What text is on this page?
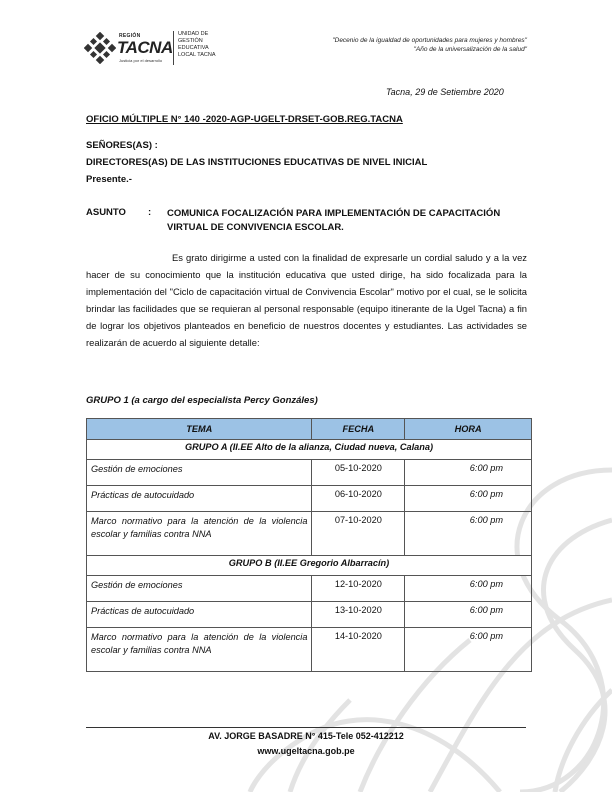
REGIÓN
TACNA
Justicia por el desarrollo
UNIDAD DE
GESTIÓN
EDUCATIVA
LOCAL TACNA
"Decenio de la igualdad de oportunidades para mujeres y hombres"
"Año de la universalización de la salud"
Tacna, 29 de Setiembre 2020
OFICIO MÚLTIPLE N° 140 -2020-AGP-UGELT-DRSET-GOB.REG.TACNA
SEÑORES(AS) :
DIRECTORES(AS) DE LAS INSTITUCIONES EDUCATIVAS DE NIVEL INICIAL
Presente.-
ASUNTO : COMUNICA FOCALIZACIÓN PARA IMPLEMENTACIÓN DE CAPACITACIÓN VIRTUAL DE CONVIVENCIA ESCOLAR.
Es grato dirigirme a usted con la finalidad de expresarle un cordial saludo y a la vez hacer de su conocimiento que la institución educativa que usted dirige, ha sido focalizada para la implementación del "Ciclo de capacitación virtual de Convivencia Escolar" motivo por el cual, se le solicita brindar las facilidades que se requieran al personal responsable (equipo itinerante de la Ugel Tacna) a fin de lograr los objetivos planteados en beneficio de nuestros docentes y estudiantes. Las actividades se realizarán de acuerdo al siguiente detalle:
GRUPO 1 (a cargo del especialista Percy Gonzáles)
TEMA	FECHA	HORA
GRUPO A (II.EE Alto de la alianza, Ciudad nueva, Calana)		
Gestión de emociones	05-10-2020	6:00 pm
Prácticas de autocuidado	06-10-2020	6:00 pm
Marco normativo para la atención de la violencia escolar y familias contra NNA	07-10-2020	6:00 pm
GRUPO B (II.EE Gregorio Albarracín)		
Gestión de emociones	12-10-2020	6:00 pm
Prácticas de autocuidado	13-10-2020	6:00 pm
Marco normativo para la atención de la violencia escolar y familias contra NNA	14-10-2020	6:00 pm
AV. JORGE BASADRE N° 415-Tele 052-412212
www.ugeltacna.gob.pe
